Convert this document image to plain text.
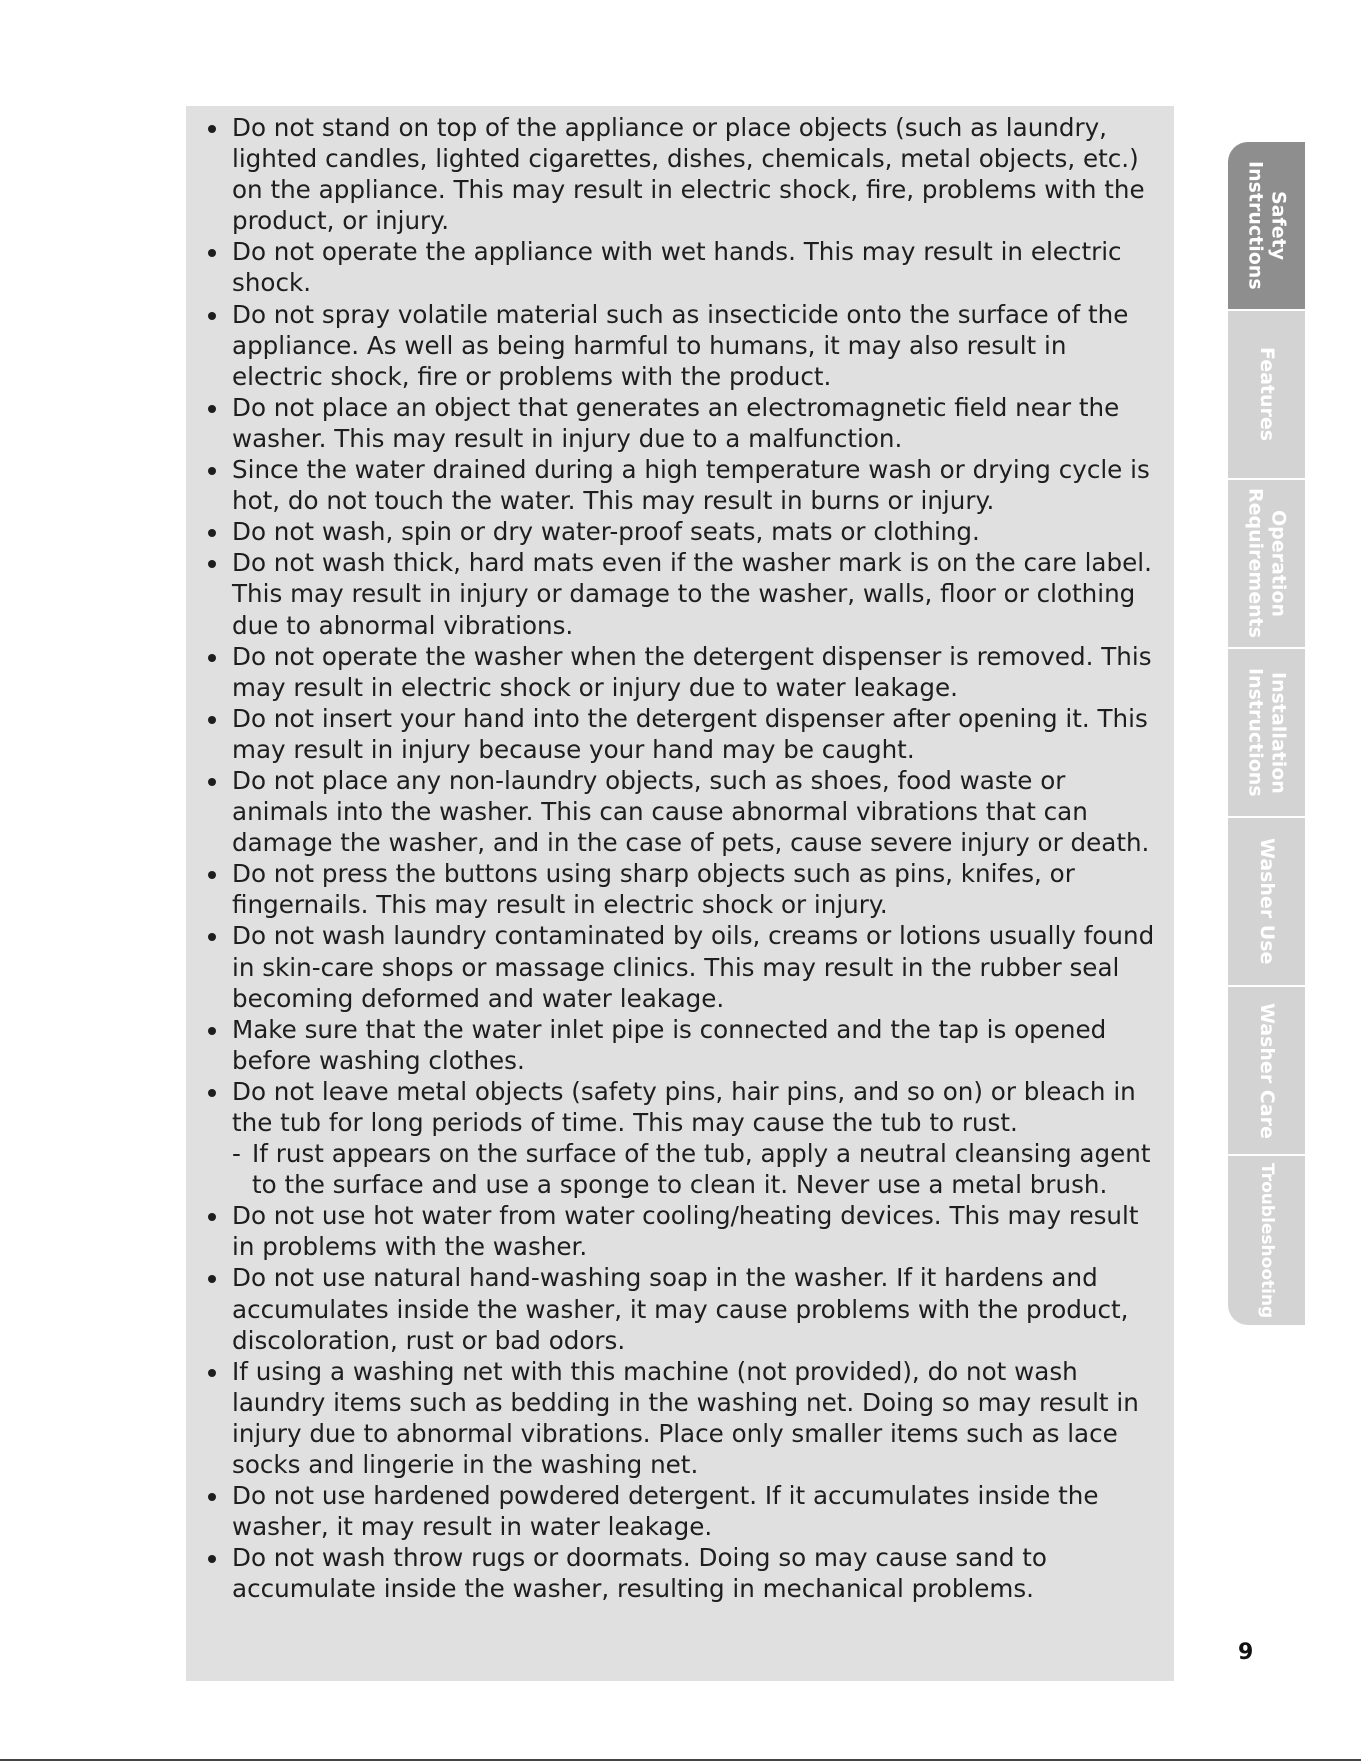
Do not stand on top of the appliance or place objects (such as laundry, lighted candles, lighted cigarettes, dishes, chemicals, metal objects, etc.) on the appliance. This may result in electric shock, fire, problems with the product, or injury.
Do not operate the appliance with wet hands. This may result in electric shock.
Do not spray volatile material such as insecticide onto the surface of the appliance. As well as being harmful to humans, it may also result in electric shock, fire or problems with the product.
Do not place an object that generates an electromagnetic field near the washer. This may result in injury due to a malfunction.
Since the water drained during a high temperature wash or drying cycle is hot, do not touch the water. This may result in burns or injury.
Do not wash, spin or dry water-proof seats, mats or clothing.
Do not wash thick, hard mats even if the washer mark is on the care label. This may result in injury or damage to the washer, walls, floor or clothing due to abnormal vibrations.
Do not operate the washer when the detergent dispenser is removed. This may result in electric shock or injury due to water leakage.
Do not insert your hand into the detergent dispenser after opening it. This may result in injury because your hand may be caught.
Do not place any non-laundry objects, such as shoes, food waste or animals into the washer. This can cause abnormal vibrations that can damage the washer, and in the case of pets, cause severe injury or death.
Do not press the buttons using sharp objects such as pins, knifes, or fingernails. This may result in electric shock or injury.
Do not wash laundry contaminated by oils, creams or lotions usually found in skin-care shops or massage clinics. This may result in the rubber seal becoming deformed and water leakage.
Make sure that the water inlet pipe is connected and the tap is opened before washing clothes.
Do not leave metal objects (safety pins, hair pins, and so on) or bleach in the tub for long periods of time. This may cause the tub to rust.
- If rust appears on the surface of the tub, apply a neutral cleansing agent to the surface and use a sponge to clean it. Never use a metal brush.
Do not use hot water from water cooling/heating devices. This may result in problems with the washer.
Do not use natural hand-washing soap in the washer. If it hardens and accumulates inside the washer, it may cause problems with the product, discoloration, rust or bad odors.
If using a washing net with this machine (not provided), do not wash laundry items such as bedding in the washing net. Doing so may result in injury due to abnormal vibrations. Place only smaller items such as lace socks and lingerie in the washing net.
Do not use hardened powdered detergent. If it accumulates inside the washer, it may result in water leakage.
Do not wash throw rugs or doormats. Doing so may cause sand to accumulate inside the washer, resulting in mechanical problems.
Safety
Instructions
Features
Operation
Requirements
Installation
Instructions
Washer Use
Washer Care
Troubleshooting
9
